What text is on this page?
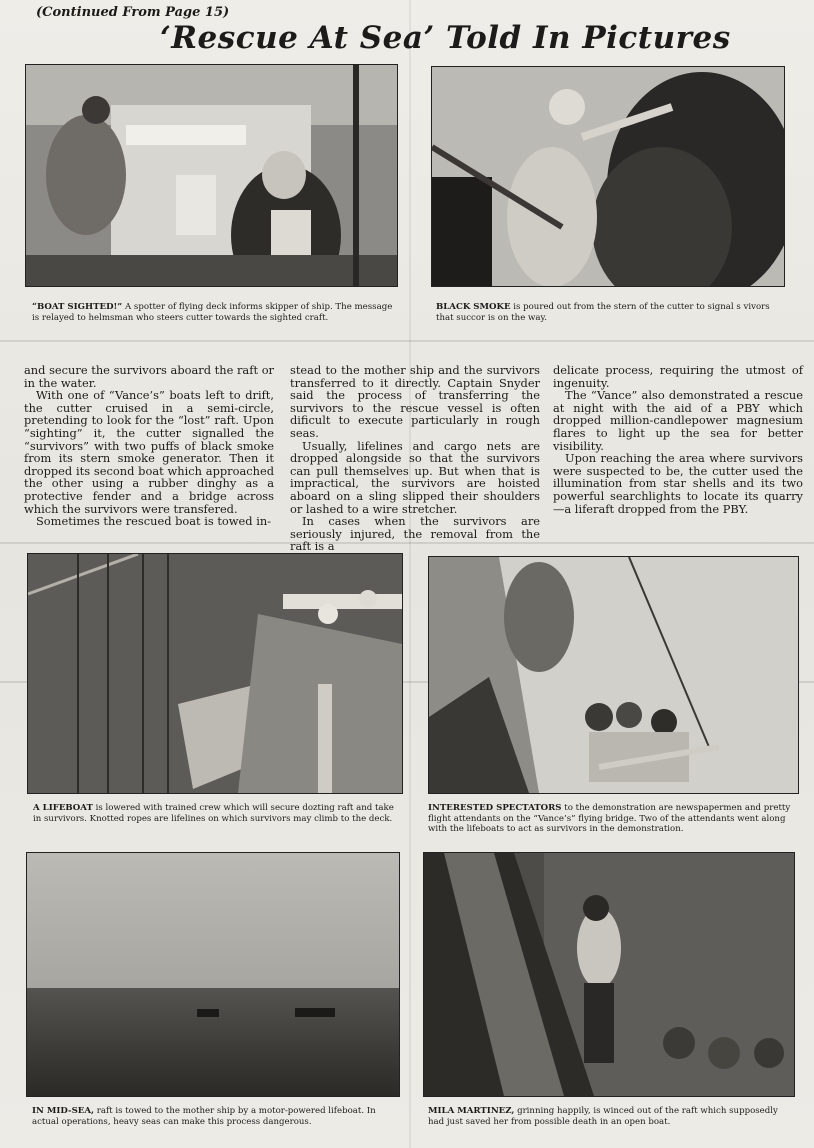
(Continued From Page 15)
‘Rescue At Sea’ Told In Pictures
“BOAT SIGHTED!” A spotter of flying deck informs skipper of ship. The message is relayed to helmsman who steers cutter towards the sighted craft.
BLACK SMOKE is poured out from the stern of the cutter to signal s vivors that succor is on the way.

and secure the survivors aboard the raft or in the water.

With one of “Vance’s” boats left to drift, the cutter cruised in a semi-circle, pretending to look for the “lost” raft. Upon “sighting” it, the cutter signalled the “survivors” with two puffs of black smoke from its stern smoke generator. Then it dropped its second boat which approached the other using a rubber dinghy as a protective fender and a bridge across which the survivors were transfered.

Sometimes the rescued boat is towed in-

stead to the mother ship and the survivors transferred to it directly. Captain Snyder said the process of transferring the survivors to the rescue vessel is often dificult to execute particularly in rough seas.

Usually, lifelines and cargo nets are dropped alongside so that the survivors can pull themselves up. But when that is impractical, the survivors are hoisted aboard on a sling slipped their shoulders or lashed to a wire stretcher.

In cases when the survivors are seriously injured, the removal from the raft is a

delicate process, requiring the utmost of ingenuity.

The “Vance” also demonstrated a rescue at night with the aid of a PBY which dropped million-candlepower magnesium flares to light up the sea for better visibility.

Upon reaching the area where survivors were suspected to be, the cutter used the illumination from star shells and its two powerful searchlights to locate its quarry —a liferaft dropped from the PBY.

A LIFEBOAT is lowered with trained crew which will secure dozting raft and take in survivors. Knotted ropes are lifelines on which survivors may climb to the deck.
INTERESTED SPECTATORS to the demonstration are newspapermen and pretty flight attendants on the “Vance’s” flying bridge. Two of the attendants went along with the lifeboats to act as survivors in the demonstration.
IN MID-SEA, raft is towed to the mother ship by a motor-powered lifeboat. In actual operations, heavy seas can make this process dangerous.
MILA MARTINEZ, grinning happily, is winced out of the raft which supposedly had just saved her from possible death in an open boat.
